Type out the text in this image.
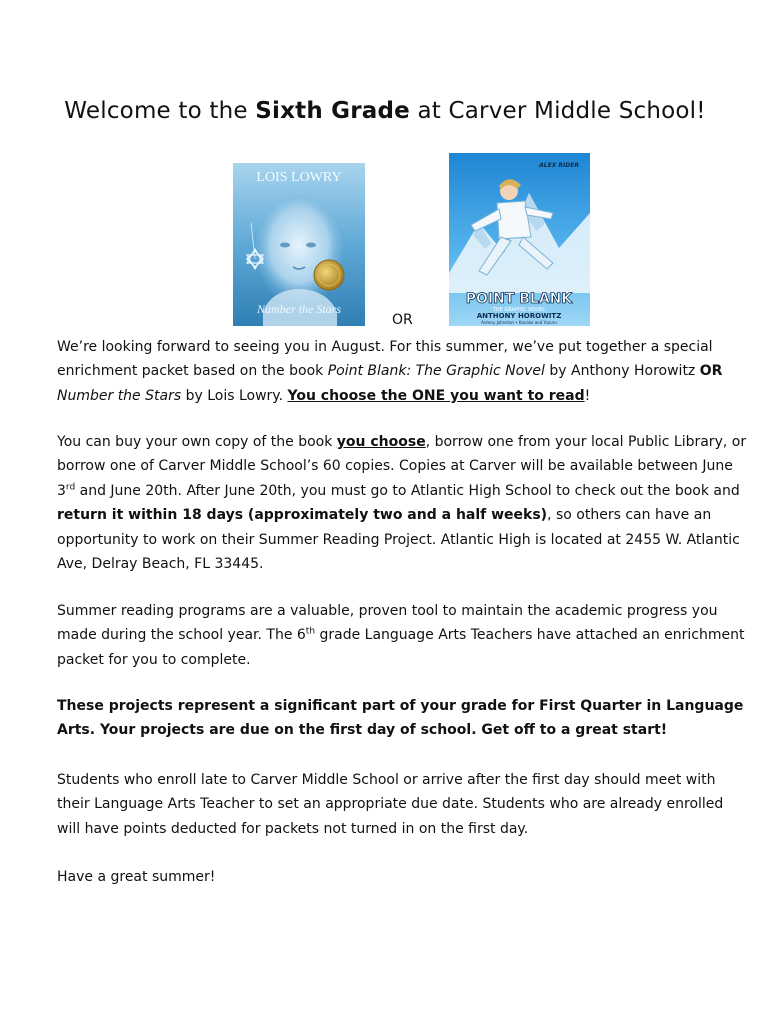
Welcome to the Sixth Grade at Carver Middle School!
LOIS LOWRY
Number the Stars
ALEX RIDER
POINT BLANK
THE GRAPHIC NOVEL
ANTHONY HOROWITZ
Antony Johnston • Kanako and Yuzuru
OR
We’re looking forward to seeing you in August. For this summer, we’ve put together a special enrichment packet based on the book Point Blank: The Graphic Novel by Anthony Horowitz OR Number the Stars by Lois Lowry. You choose the ONE you want to read!
You can buy your own copy of the book you choose, borrow one from your local Public Library, or borrow one of Carver Middle School’s 60 copies. Copies at Carver will be available between June 3rd and June 20th. After June 20th, you must go to Atlantic High School to check out the book and return it within 18 days (approximately two and a half weeks), so others can have an opportunity to work on their Summer Reading Project. Atlantic High is located at 2455 W. Atlantic Ave, Delray Beach, FL 33445.
Summer reading programs are a valuable, proven tool to maintain the academic progress you made during the school year. The 6th grade Language Arts Teachers have attached an enrichment packet for you to complete.
These projects represent a significant part of your grade for First Quarter in Language Arts. Your projects are due on the first day of school. Get off to a great start!
Students who enroll late to Carver Middle School or arrive after the first day should meet with their Language Arts Teacher to set an appropriate due date. Students who are already enrolled will have points deducted for packets not turned in on the first day.
Have a great summer!
